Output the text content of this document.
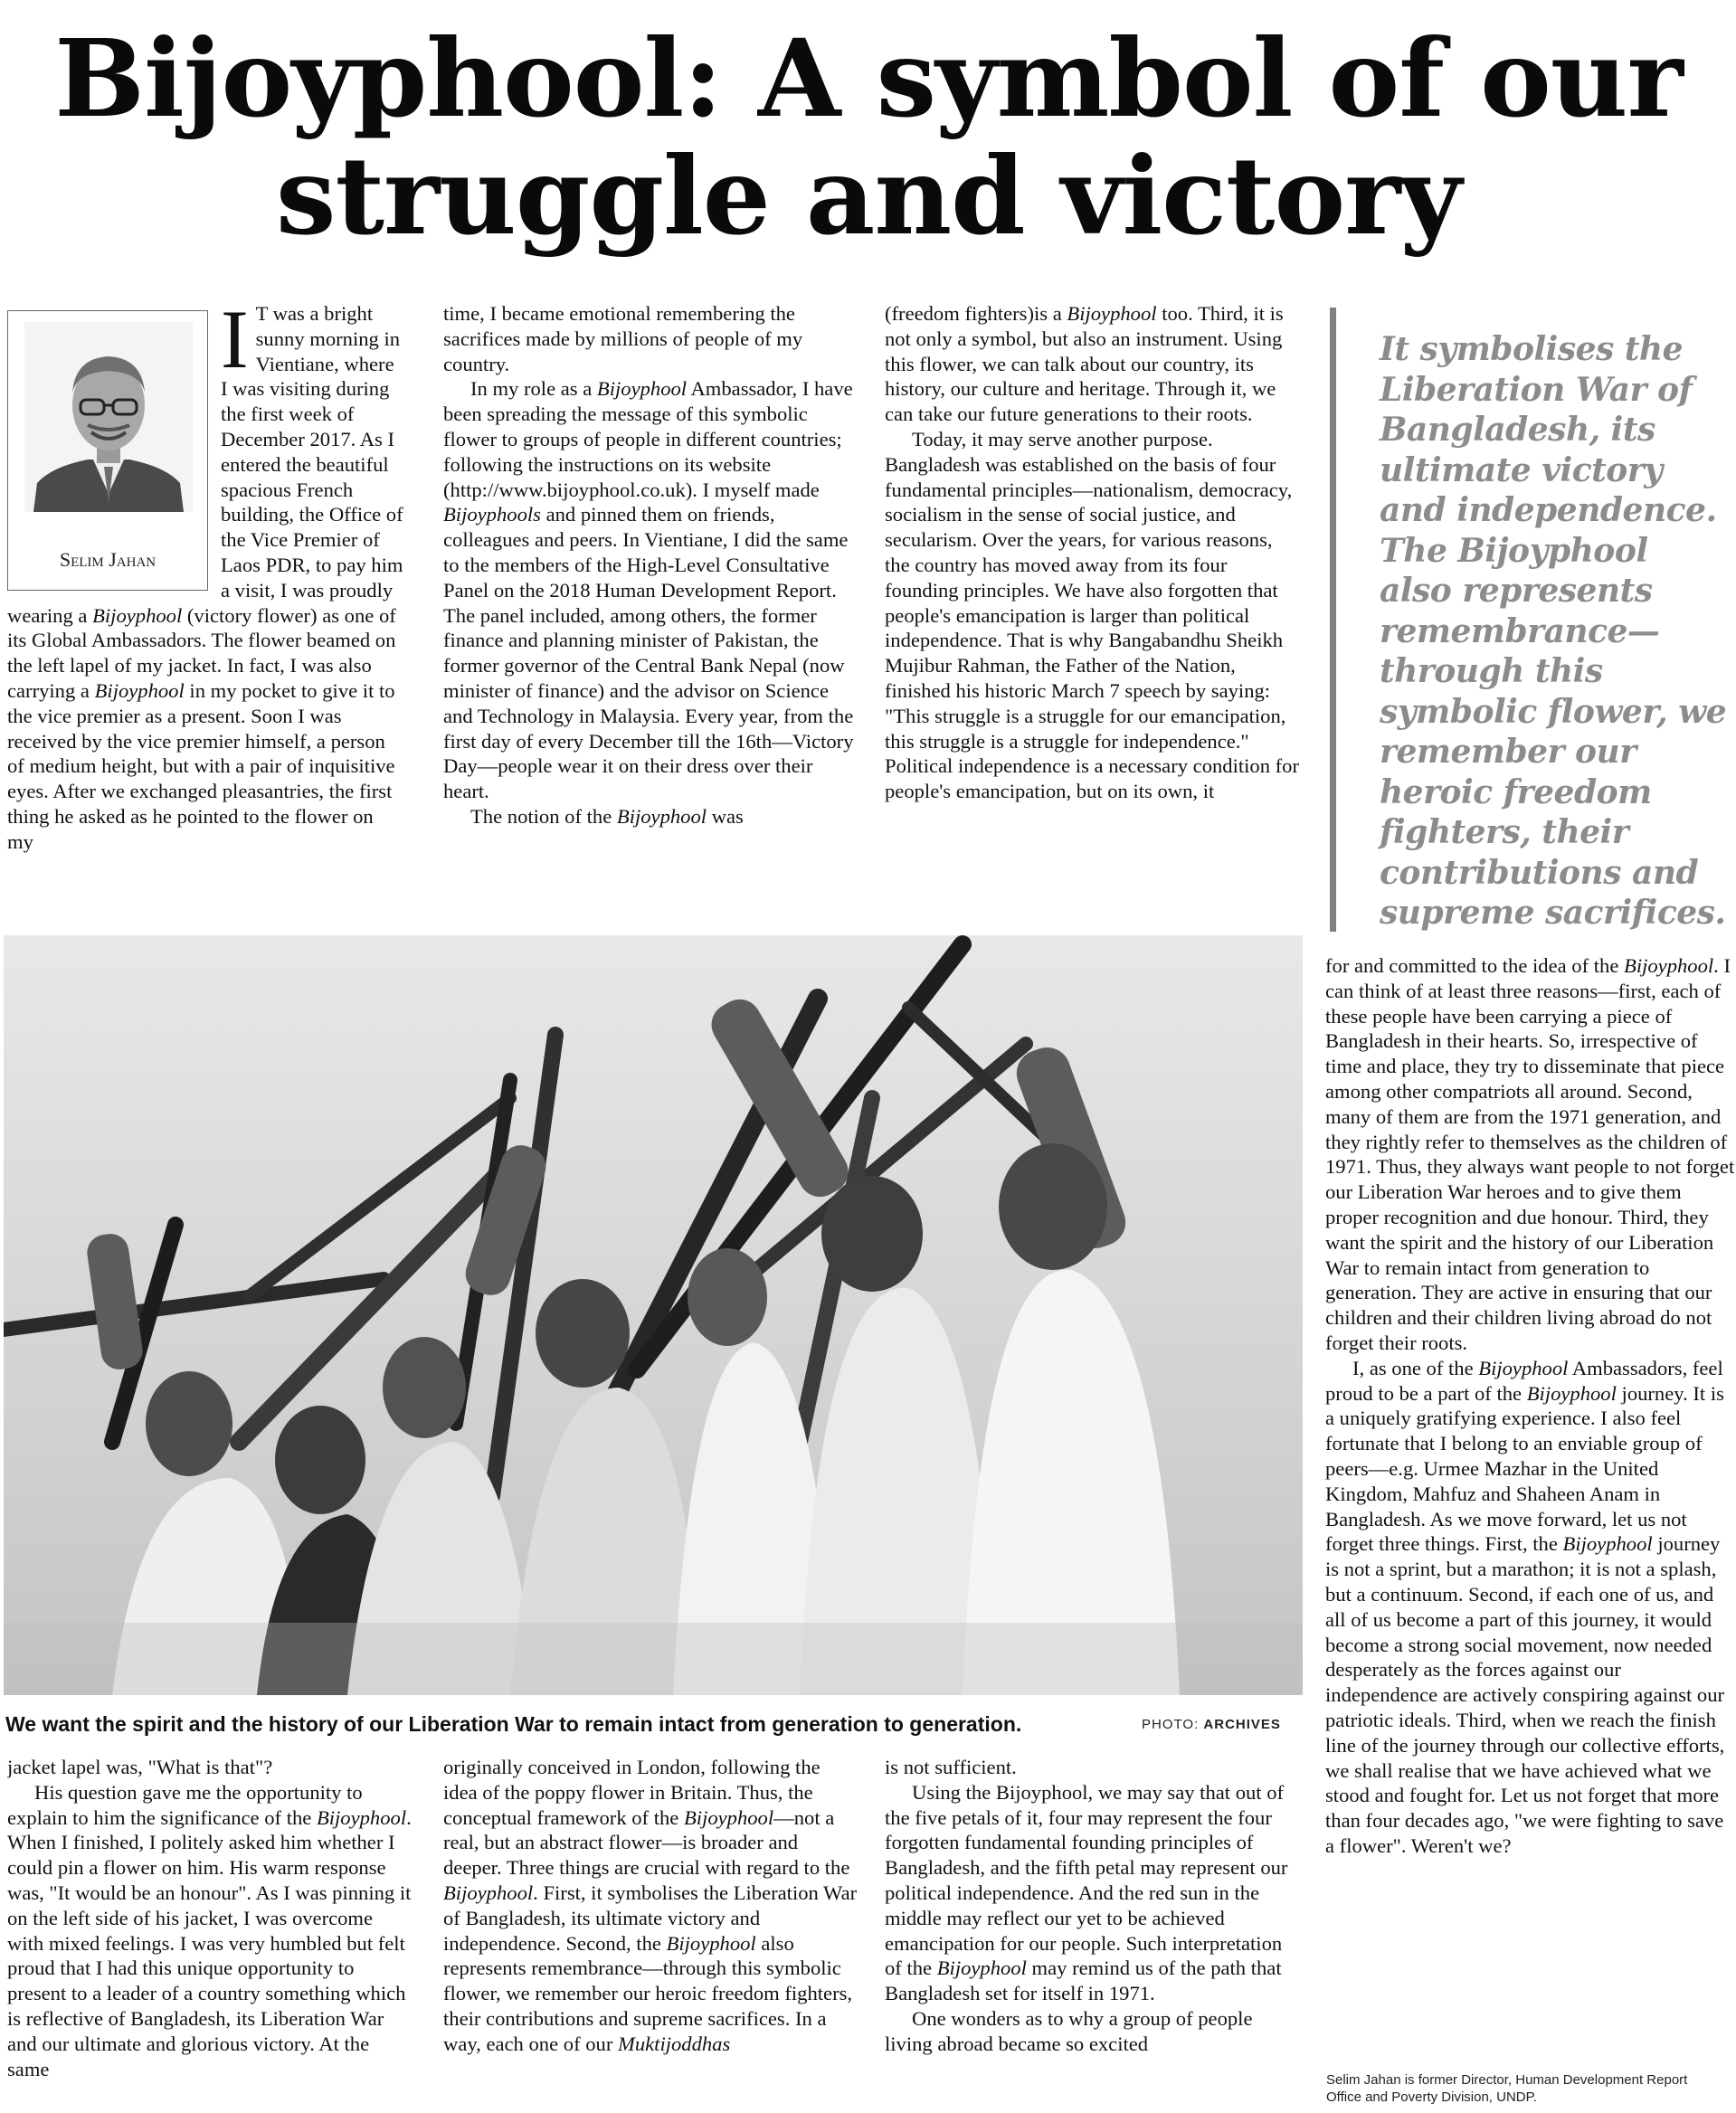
Bijoyphool: A symbol of our struggle and victory
Selim Jahan

I T was a bright sunny morning in Vientiane, where I was visiting during the first week of December 2017. As I entered the beautiful spacious French building, the Office of the Vice Premier of Laos PDR, to pay him a visit, I was proudly wearing a Bijoyphool (victory flower) as one of its Global Ambassadors. The flower beamed on the left lapel of my jacket. In fact, I was also carrying a Bijoyphool in my pocket to give it to the vice premier as a present. Soon I was received by the vice premier himself, a person of medium height, but with a pair of inquisitive eyes. After we exchanged pleasantries, the first thing he asked as he pointed to the flower on my

time, I became emotional remembering the sacrifices made by millions of people of my country.

In my role as a Bijoyphool Ambassador, I have been spreading the message of this symbolic flower to groups of people in different countries; following the instructions on its website (http://www.bijoyphool.co.uk). I myself made Bijoyphools and pinned them on friends, colleagues and peers. In Vientiane, I did the same to the members of the High-Level Consultative Panel on the 2018 Human Development Report. The panel included, among others, the former finance and planning minister of Pakistan, the former governor of the Central Bank Nepal (now minister of finance) and the advisor on Science and Technology in Malaysia. Every year, from the first day of every December till the 16th—Victory Day—people wear it on their dress over their heart.

The notion of the Bijoyphool was

(freedom fighters)is a Bijoyphool too. Third, it is not only a symbol, but also an instrument. Using this flower, we can talk about our country, its history, our culture and heritage. Through it, we can take our future generations to their roots.

Today, it may serve another purpose. Bangladesh was established on the basis of four fundamental principles—nationalism, democracy, socialism in the sense of social justice, and secularism. Over the years, for various reasons, the country has moved away from its four founding principles. We have also forgotten that people's emancipation is larger than political independence. That is why Bangabandhu Sheikh Mujibur Rahman, the Father of the Nation, finished his historic March 7 speech by saying: "This struggle is a struggle for our emancipation, this struggle is a struggle for independence." Political independence is a necessary condition for people's emancipation, but on its own, it

It symbolises the Liberation War of Bangladesh, its ultimate victory and independence. The Bijoyphool also represents remembrance—through this symbolic flower, we remember our heroic freedom fighters, their contributions and supreme sacrifices.

for and committed to the idea of the Bijoyphool. I can think of at least three reasons—first, each of these people have been carrying a piece of Bangladesh in their hearts. So, irrespective of time and place, they try to disseminate that piece among other compatriots all around. Second, many of them are from the 1971 generation, and they rightly refer to themselves as the children of 1971. Thus, they always want people to not forget our Liberation War heroes and to give them proper recognition and due honour. Third, they want the spirit and the history of our Liberation War to remain intact from generation to generation. They are active in ensuring that our children and their children living abroad do not forget their roots.

I, as one of the Bijoyphool Ambassadors, feel proud to be a part of the Bijoyphool journey. It is a uniquely gratifying experience. I also feel fortunate that I belong to an enviable group of peers—e.g. Urmee Mazhar in the United Kingdom, Mahfuz and Shaheen Anam in Bangladesh. As we move forward, let us not forget three things. First, the Bijoyphool journey is not a sprint, but a marathon; it is not a splash, but a continuum. Second, if each one of us, and all of us become a part of this journey, it would become a strong social movement, now needed desperately as the forces against our independence are actively conspiring against our patriotic ideals. Third, when we reach the finish line of the journey through our collective efforts, we shall realise that we have achieved what we stood and fought for. Let us not forget that more than four decades ago, "we were fighting to save a flower". Weren't we?

We want the spirit and the history of our Liberation War to remain intact from generation to generation.	PHOTO: ARCHIVES

jacket lapel was, "What is that"?

His question gave me the opportunity to explain to him the significance of the Bijoyphool. When I finished, I politely asked him whether I could pin a flower on him. His warm response was, "It would be an honour". As I was pinning it on the left side of his jacket, I was overcome with mixed feelings. I was very humbled but felt proud that I had this unique opportunity to present to a leader of a country something which is reflective of Bangladesh, its Liberation War and our ultimate and glorious victory. At the same

originally conceived in London, following the idea of the poppy flower in Britain. Thus, the conceptual framework of the Bijoyphool—not a real, but an abstract flower—is broader and deeper. Three things are crucial with regard to the Bijoyphool. First, it symbolises the Liberation War of Bangladesh, its ultimate victory and independence. Second, the Bijoyphool also represents remembrance—through this symbolic flower, we remember our heroic freedom fighters, their contributions and supreme sacrifices. In a way, each one of our Muktijoddhas

is not sufficient.

Using the Bijoyphool, we may say that out of the five petals of it, four may represent the four forgotten fundamental founding principles of Bangladesh, and the fifth petal may represent our political independence. And the red sun in the middle may reflect our yet to be achieved emancipation for our people. Such interpretation of the Bijoyphool may remind us of the path that Bangladesh set for itself in 1971.

One wonders as to why a group of people living abroad became so excited

Selim Jahan is former Director, Human Development Report Office and Poverty Division, UNDP.
